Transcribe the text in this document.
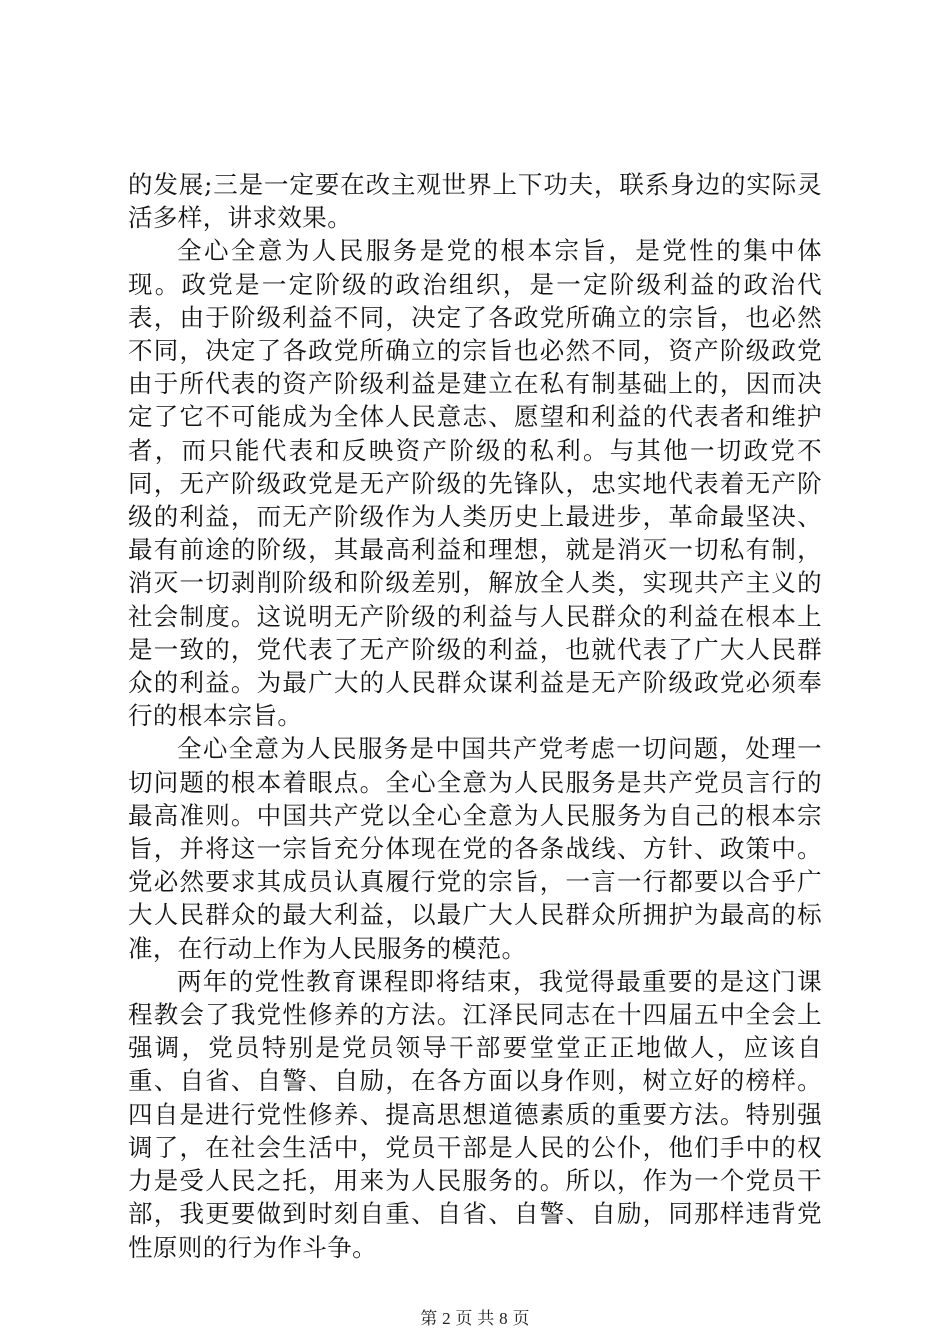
的发展;三是一定要在改主观世界上下功夫，联系身边的实际灵活多样，讲求效果。

全心全意为人民服务是党的根本宗旨，是党性的集中体现。政党是一定阶级的政治组织，是一定阶级利益的政治代表，由于阶级利益不同，决定了各政党所确立的宗旨，也必然不同，决定了各政党所确立的宗旨也必然不同，资产阶级政党由于所代表的资产阶级利益是建立在私有制基础上的，因而决定了它不可能成为全体人民意志、愿望和利益的代表者和维护者，而只能代表和反映资产阶级的私利。与其他一切政党不同，无产阶级政党是无产阶级的先锋队，忠实地代表着无产阶级的利益，而无产阶级作为人类历史上最进步，革命最坚决、最有前途的阶级，其最高利益和理想，就是消灭一切私有制，消灭一切剥削阶级和阶级差别，解放全人类，实现共产主义的社会制度。这说明无产阶级的利益与人民群众的利益在根本上是一致的，党代表了无产阶级的利益，也就代表了广大人民群众的利益。为最广大的人民群众谋利益是无产阶级政党必须奉行的根本宗旨。

全心全意为人民服务是中国共产党考虑一切问题，处理一切问题的根本着眼点。全心全意为人民服务是共产党员言行的最高准则。中国共产党以全心全意为人民服务为自己的根本宗旨，并将这一宗旨充分体现在党的各条战线、方针、政策中。党必然要求其成员认真履行党的宗旨，一言一行都要以合乎广大人民群众的最大利益，以最广大人民群众所拥护为最高的标准，在行动上作为人民服务的模范。

两年的党性教育课程即将结束，我觉得最重要的是这门课程教会了我党性修养的方法。江泽民同志在十四届五中全会上强调，党员特别是党员领导干部要堂堂正正地做人，应该自重、自省、自警、自励，在各方面以身作则，树立好的榜样。四自是进行党性修养、提高思想道德素质的重要方法。特别强调了，在社会生活中，党员干部是人民的公仆，他们手中的权力是受人民之托，用来为人民服务的。所以，作为一个党员干部，我更要做到时刻自重、自省、自警、自励，同那样违背党性原则的行为作斗争。

第 2 页 共 8 页
